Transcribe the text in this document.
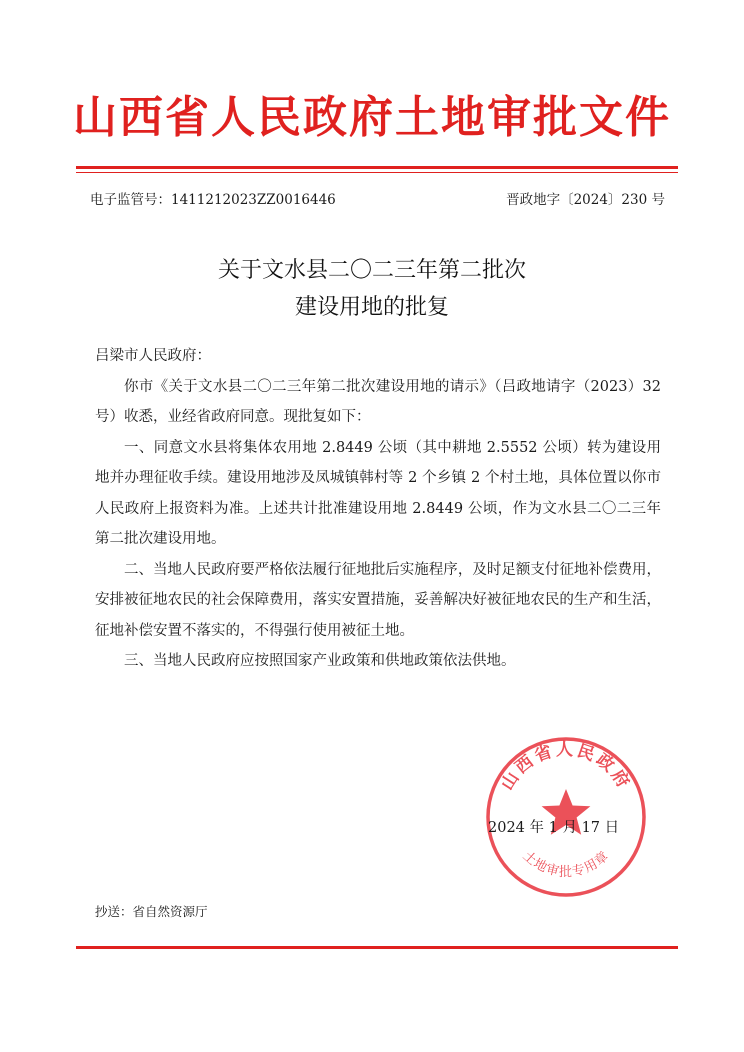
山西省人民政府土地审批文件
电子监管号：1411212023ZZ0016446	晋政地字〔2024〕230 号
关于文水县二〇二三年第二批次
建设用地的批复

吕梁市人民政府：

你市《关于文水县二〇二三年第二批次建设用地的请示》（吕政地请字（2023）32 号）收悉，业经省政府同意。现批复如下：

一、同意文水县将集体农用地 2.8449 公顷（其中耕地 2.5552 公顷）转为建设用地并办理征收手续。建设用地涉及凤城镇韩村等 2 个乡镇 2 个村土地，具体位置以你市人民政府上报资料为准。上述共计批准建设用地 2.8449 公顷，作为文水县二〇二三年第二批次建设用地。

二、当地人民政府要严格依法履行征地批后实施程序，及时足额支付征地补偿费用，安排被征地农民的社会保障费用，落实安置措施，妥善解决好被征地农民的生产和生活，征地补偿安置不落实的，不得强行使用被征土地。

三、当地人民政府应按照国家产业政策和供地政策依法供地。

山西省人民政府
土地审批专用章
2024 年 1 月 17 日
抄送：省自然资源厅
